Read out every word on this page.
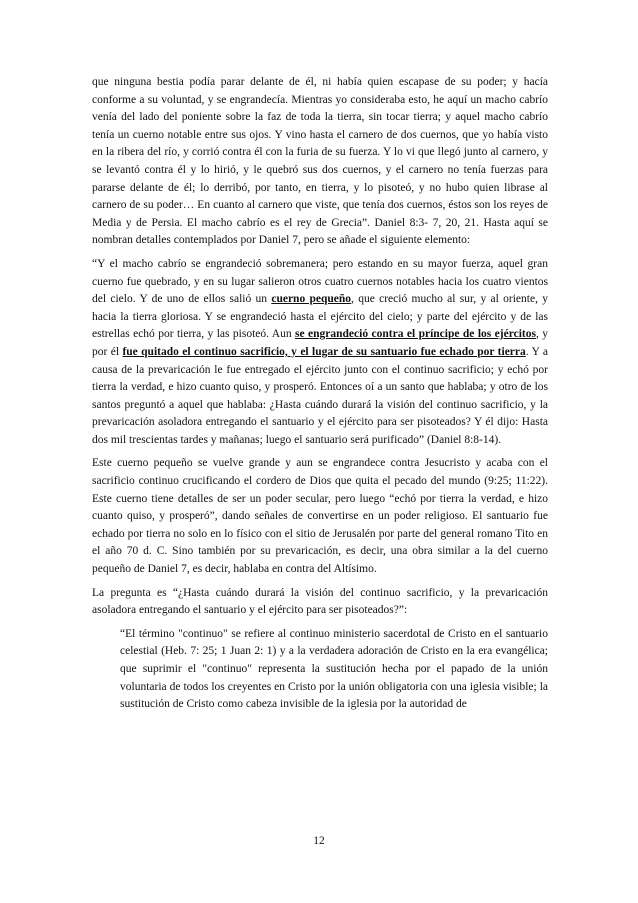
que ninguna bestia podía parar delante de él, ni había quien escapase de su poder; y hacía conforme a su voluntad, y se engrandecía. Mientras yo consideraba esto, he aquí un macho cabrío venía del lado del poniente sobre la faz de toda la tierra, sin tocar tierra; y aquel macho cabrío tenía un cuerno notable entre sus ojos. Y vino hasta el carnero de dos cuernos, que yo había visto en la ribera del río, y corrió contra él con la furia de su fuerza. Y lo vi que llegó junto al carnero, y se levantó contra él y lo hirió, y le quebró sus dos cuernos, y el carnero no tenía fuerzas para pararse delante de él; lo derribó, por tanto, en tierra, y lo pisoteó, y no hubo quien librase al carnero de su poder… En cuanto al carnero que viste, que tenía dos cuernos, éstos son los reyes de Media y de Persia. El macho cabrío es el rey de Grecia”. Daniel 8:3- 7, 20, 21. Hasta aquí se nombran detalles contemplados por Daniel 7, pero se añade el siguiente elemento:

“Y el macho cabrío se engrandeció sobremanera; pero estando en su mayor fuerza, aquel gran cuerno fue quebrado, y en su lugar salieron otros cuatro cuernos notables hacia los cuatro vientos del cielo. Y de uno de ellos salió un cuerno pequeño, que creció mucho al sur, y al oriente, y hacia la tierra gloriosa. Y se engrandeció hasta el ejército del cielo; y parte del ejército y de las estrellas echó por tierra, y las pisoteó. Aun se engrandeció contra el príncipe de los ejércitos, y por él fue quitado el continuo sacrificio, y el lugar de su santuario fue echado por tierra. Y a causa de la prevaricación le fue entregado el ejército junto con el continuo sacrificio; y echó por tierra la verdad, e hizo cuanto quiso, y prosperó. Entonces oí a un santo que hablaba; y otro de los santos preguntó a aquel que hablaba: ¿Hasta cuándo durará la visión del continuo sacrificio, y la prevaricación asoladora entregando el santuario y el ejército para ser pisoteados? Y él dijo: Hasta dos mil trescientas tardes y mañanas; luego el santuario será purificado” (Daniel 8:8-14).

Este cuerno pequeño se vuelve grande y aun se engrandece contra Jesucristo y acaba con el sacrificio continuo crucificando el cordero de Dios que quita el pecado del mundo (9:25; 11:22). Este cuerno tiene detalles de ser un poder secular, pero luego “echó por tierra la verdad, e hizo cuanto quiso, y prosperó”, dando señales de convertirse en un poder religioso. El santuario fue echado por tierra no solo en lo físico con el sitio de Jerusalén por parte del general romano Tito en el año 70 d. C. Sino también por su prevaricación, es decir, una obra similar a la del cuerno pequeño de Daniel 7, es decir, hablaba en contra del Altísimo.

La pregunta es “¿Hasta cuándo durará la visión del continuo sacrificio, y la prevaricación asoladora entregando el santuario y el ejército para ser pisoteados?”:

“El término "continuo" se refiere al continuo ministerio sacerdotal de Cristo en el santuario celestial (Heb. 7: 25; 1 Juan 2: 1) y a la verdadera adoración de Cristo en la era evangélica; que suprimir el "continuo" representa la sustitución hecha por el papado de la unión voluntaria de todos los creyentes en Cristo por la unión obligatoria con una iglesia visible; la sustitución de Cristo como cabeza invisible de la iglesia por la autoridad de

12
